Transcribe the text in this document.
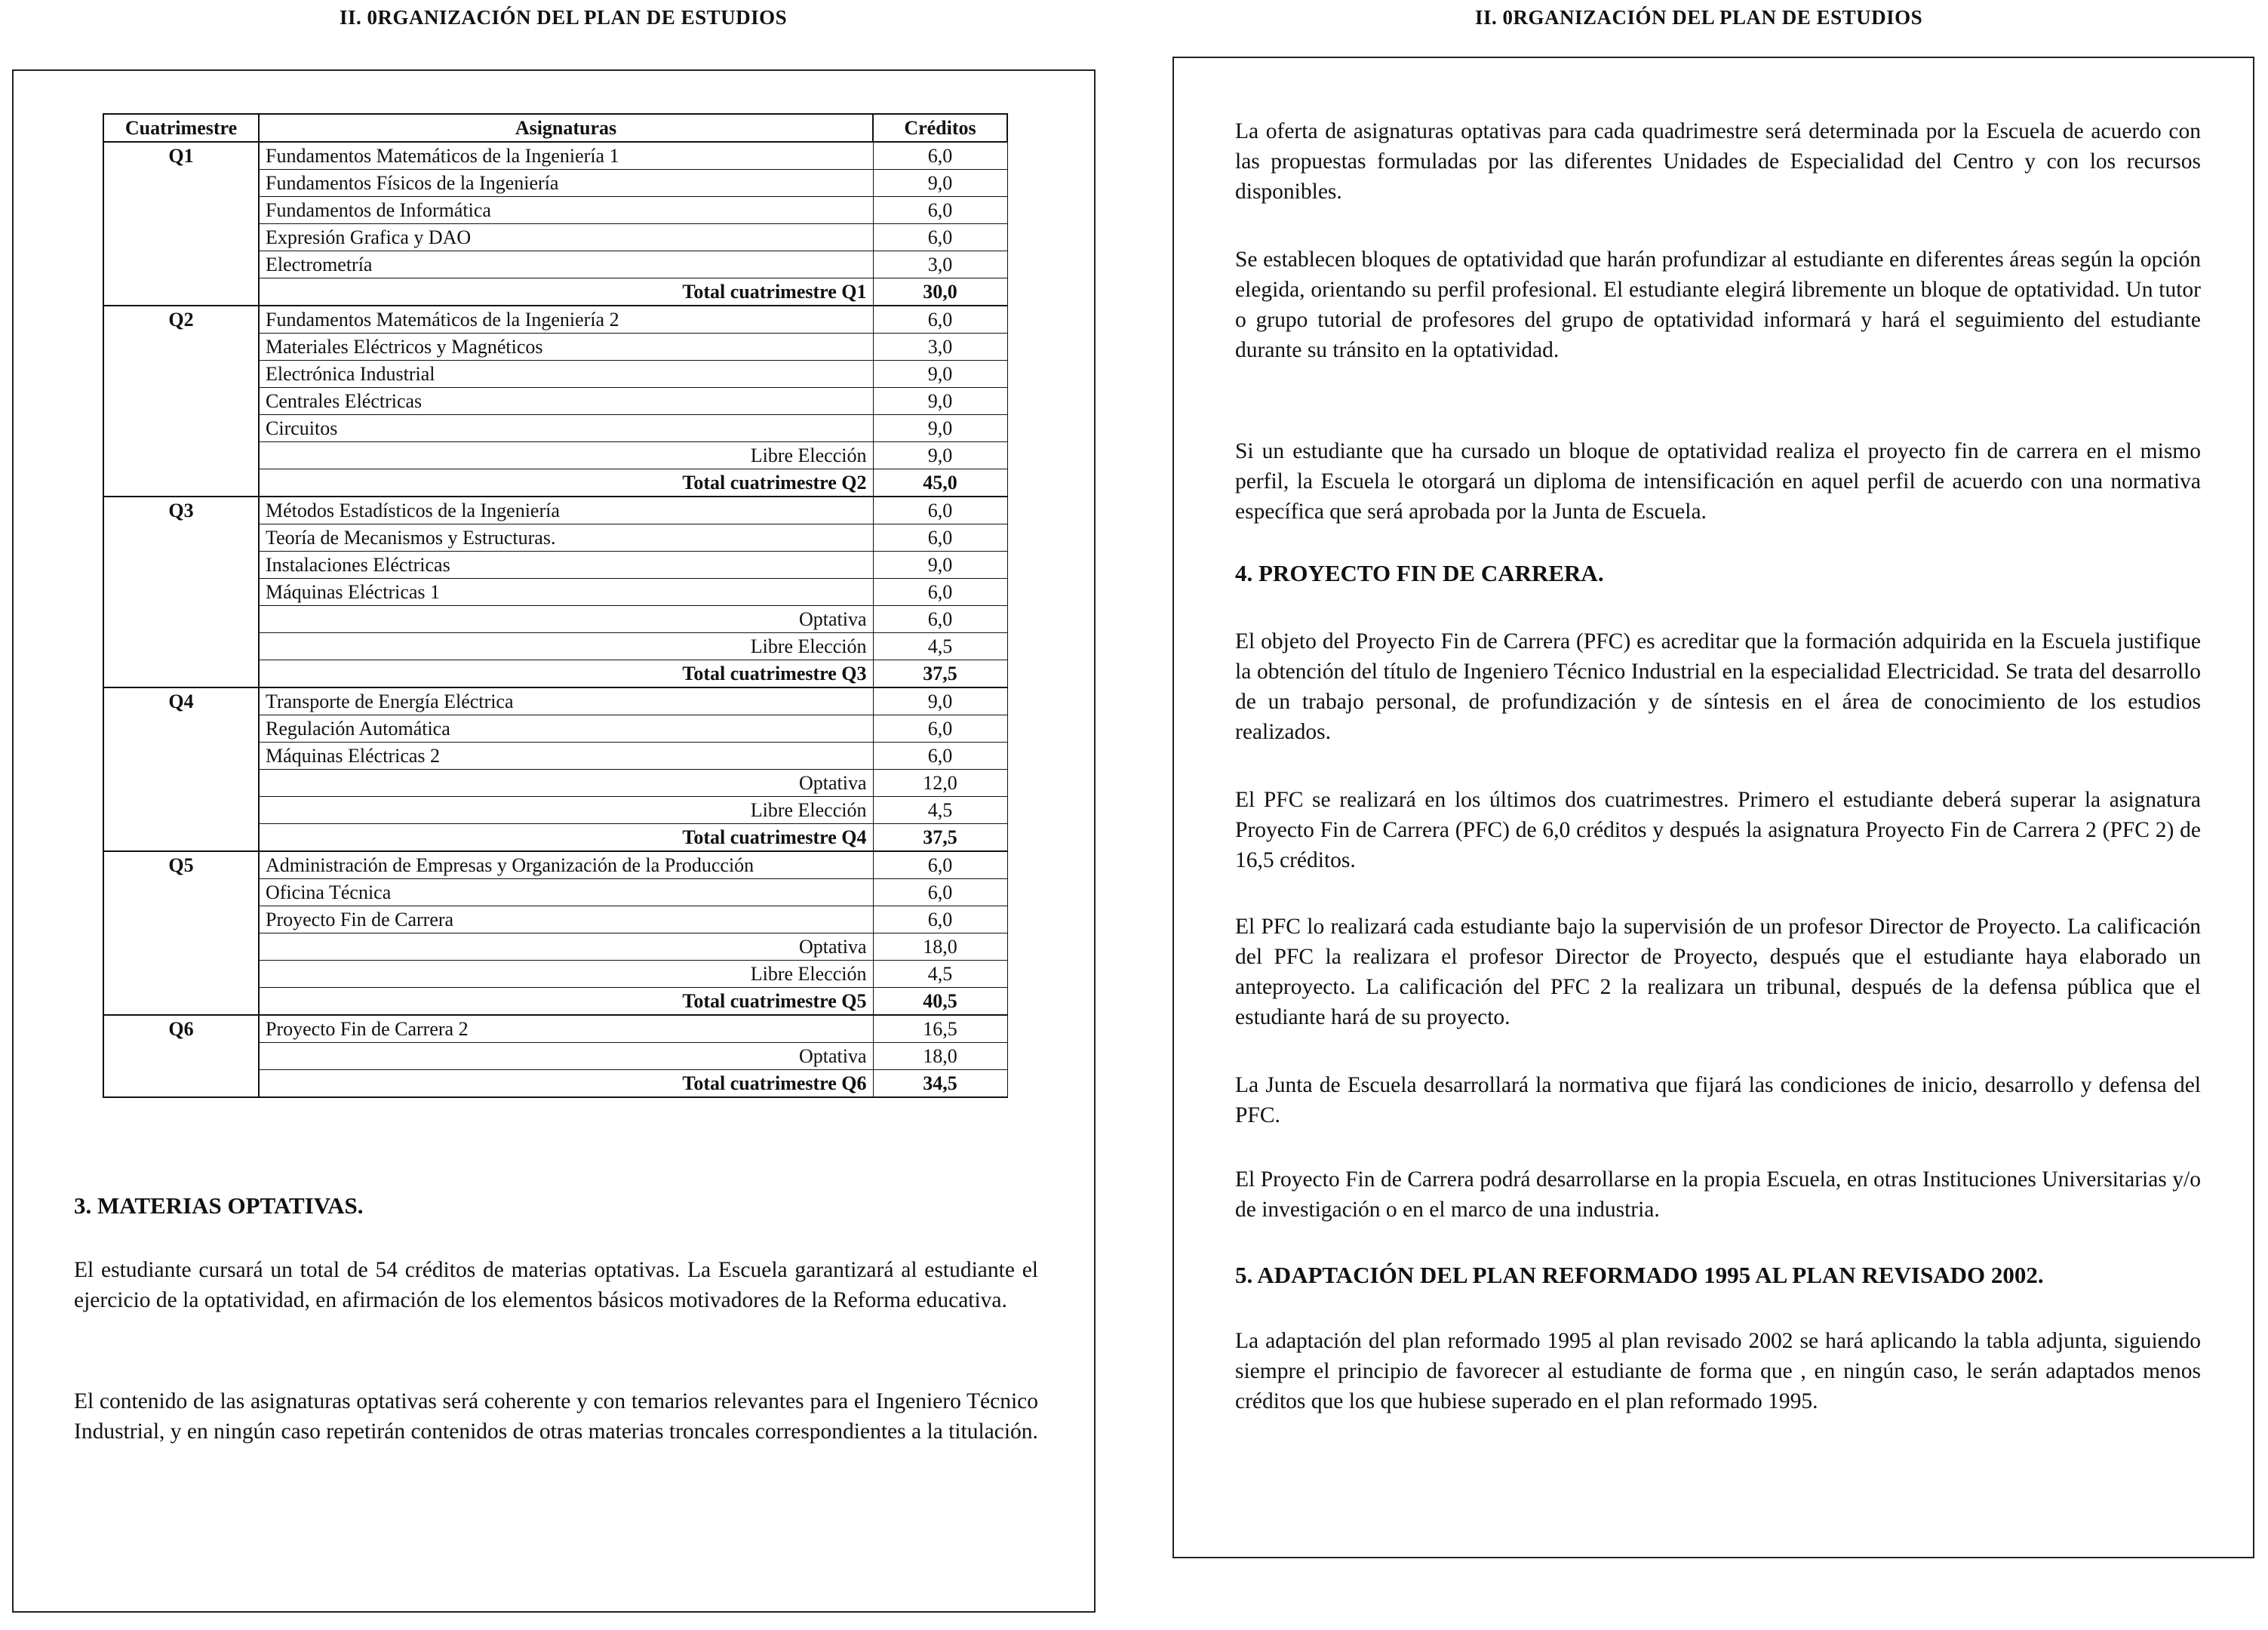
II. 0RGANIZACIÓN DEL PLAN DE ESTUDIOS
Cuatrimestre	Asignaturas	Créditos
Q1	Fundamentos Matemáticos de la Ingeniería 1	6,0
	Fundamentos Físicos de la Ingeniería	9,0
	Fundamentos de Informática	6,0
	Expresión Grafica y DAO	6,0
	Electrometría	3,0
	Total cuatrimestre Q1	30,0
Q2	Fundamentos Matemáticos de la Ingeniería 2	6,0
	Materiales Eléctricos y Magnéticos	3,0
	Electrónica Industrial	9,0
	Centrales Eléctricas	9,0
	Circuitos	9,0
	Libre Elección	9,0
	Total cuatrimestre Q2	45,0
Q3	Métodos Estadísticos de la Ingeniería	6,0
	Teoría de Mecanismos y Estructuras.	6,0
	Instalaciones Eléctricas	9,0
	Máquinas Eléctricas 1	6,0
	Optativa	6,0
	Libre Elección	4,5
	Total cuatrimestre Q3	37,5
Q4	Transporte de Energía Eléctrica	9,0
	Regulación Automática	6,0
	Máquinas Eléctricas 2	6,0
	Optativa	12,0
	Libre Elección	4,5
	Total cuatrimestre Q4	37,5
Q5	Administración de Empresas y Organización de la Producción	6,0
	Oficina Técnica	6,0
	Proyecto Fin de Carrera	6,0
	Optativa	18,0
	Libre Elección	4,5
	Total cuatrimestre Q5	40,5
Q6	Proyecto Fin de Carrera 2	16,5
	Optativa	18,0
	Total cuatrimestre Q6	34,5
3. MATERIAS OPTATIVAS.
El estudiante cursará un total de 54 créditos de materias optativas. La Escuela garantizará al estudiante el ejercicio de la optatividad, en afirmación de los elementos básicos motivadores de la Reforma educativa.
El contenido de las asignaturas optativas será coherente y con temarios relevantes para el Ingeniero Técnico Industrial, y en ningún caso repetirán contenidos de otras materias troncales correspondientes a la titulación.
II. 0RGANIZACIÓN DEL PLAN DE ESTUDIOS
La oferta de asignaturas optativas para cada quadrimestre será determinada por la Escuela de acuerdo con las propuestas formuladas por las diferentes Unidades de Especialidad del Centro y con los recursos disponibles.
Se establecen bloques de optatividad que harán profundizar al estudiante en diferentes áreas según la opción elegida, orientando su perfil profesional. El estudiante elegirá libremente un bloque de optatividad. Un tutor o grupo tutorial de profesores del grupo de optatividad informará y hará el seguimiento del estudiante durante su tránsito en la optatividad.
Si un estudiante que ha cursado un bloque de optatividad realiza el proyecto fin de carrera en el mismo perfil, la Escuela le otorgará un diploma de intensificación en aquel perfil de acuerdo con una normativa específica que será aprobada por la Junta de Escuela.
4. PROYECTO FIN DE CARRERA.
El objeto del Proyecto Fin de Carrera (PFC) es acreditar que la formación adquirida en la Escuela justifique la obtención del título de Ingeniero Técnico Industrial en la especialidad Electricidad. Se trata del desarrollo de un trabajo personal, de profundización y de síntesis en el área de conocimiento de los estudios realizados.
El PFC se realizará en los últimos dos cuatrimestres. Primero el estudiante deberá superar la asignatura Proyecto Fin de Carrera (PFC) de 6,0 créditos y después la asignatura Proyecto Fin de Carrera 2 (PFC 2) de 16,5 créditos.
El PFC lo realizará cada estudiante bajo la supervisión de un profesor Director de Proyecto. La calificación del PFC la realizara el profesor Director de Proyecto, después que el estudiante haya elaborado un anteproyecto. La calificación del PFC 2 la realizara un tribunal, después de la defensa pública que el estudiante hará de su proyecto.
La Junta de Escuela desarrollará la normativa que fijará las condiciones de inicio, desarrollo y defensa del PFC.
El Proyecto Fin de Carrera podrá desarrollarse en la propia Escuela, en otras Instituciones Universitarias y/o de investigación o en el marco de una industria.
5. ADAPTACIÓN DEL PLAN REFORMADO 1995 AL PLAN REVISADO 2002.
La adaptación del plan reformado 1995 al plan revisado 2002 se hará aplicando la tabla adjunta, siguiendo siempre el principio de favorecer al estudiante de forma que , en ningún caso, le serán adaptados menos créditos que los que hubiese superado en el plan reformado 1995.
